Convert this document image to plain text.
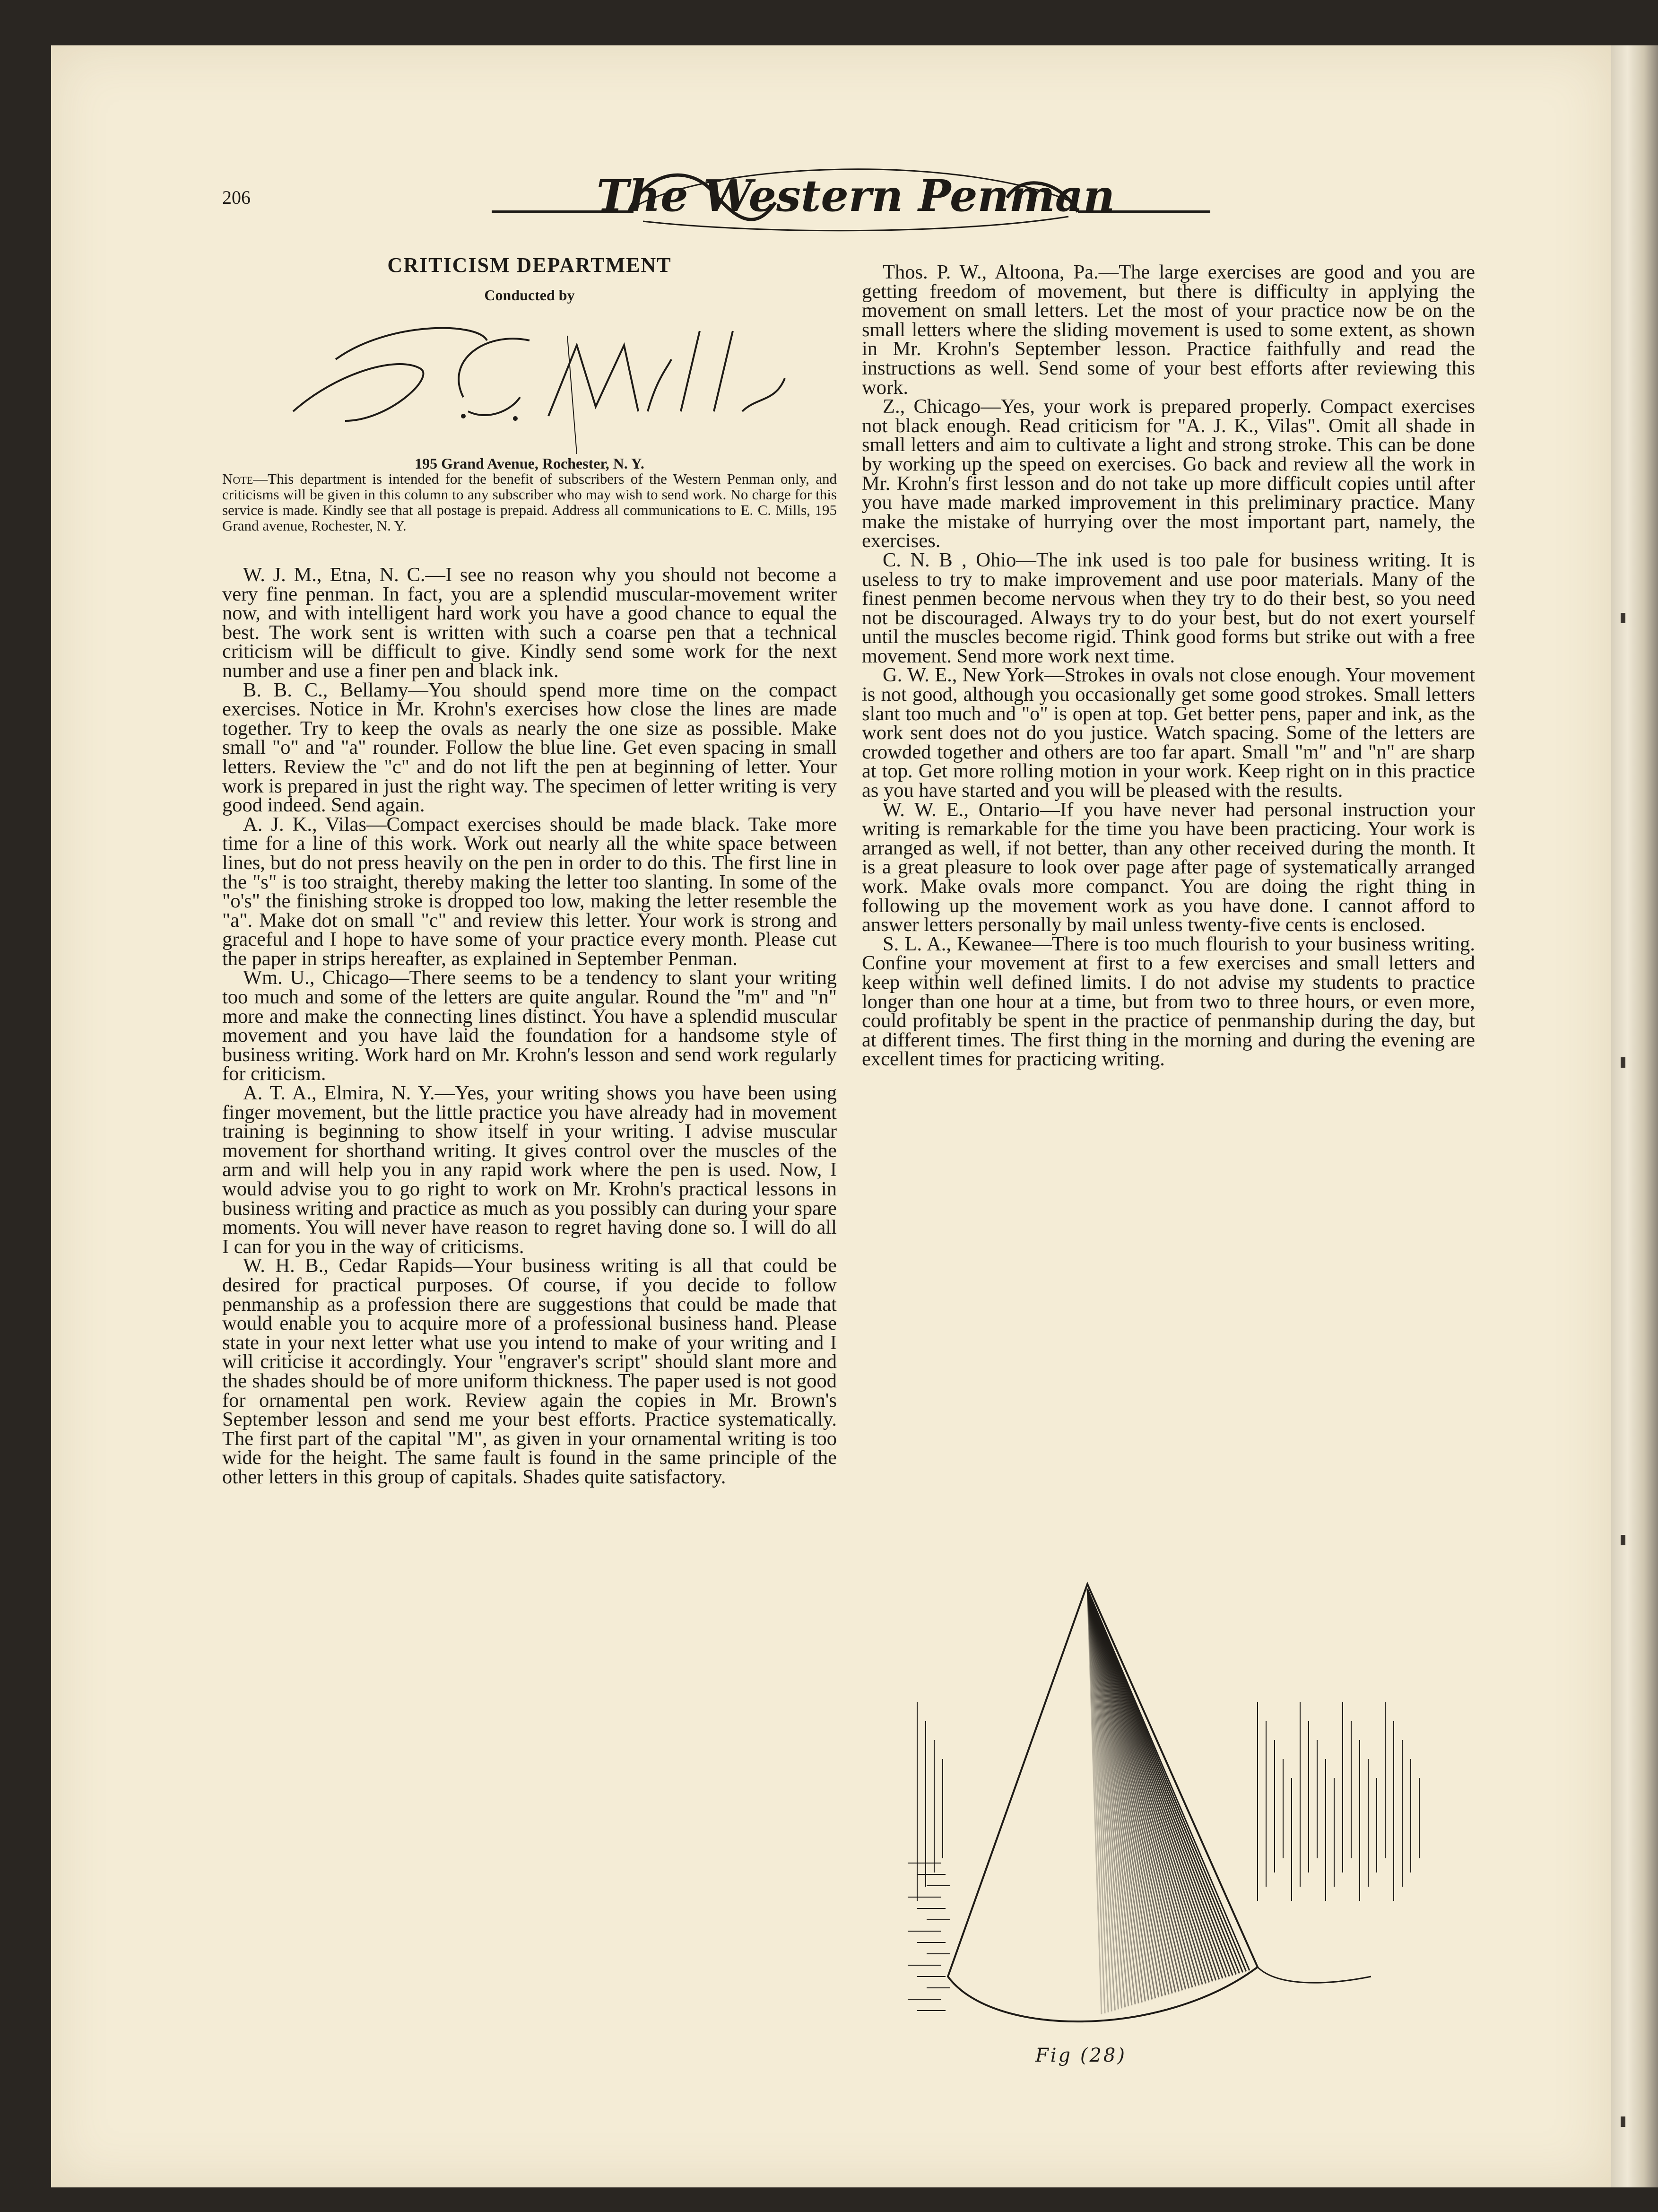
206	The Western Penman
CRITICISM DEPARTMENT
Conducted by
195 Grand Avenue, Rochester, N. Y.

Note—This department is intended for the benefit of subscribers of the Western Penman only, and criticisms will be given in this column to any subscriber who may wish to send work. No charge for this service is made. Kindly see that all postage is prepaid. Address all communications to E. C. Mills, 195 Grand avenue, Rochester, N. Y.

W. J. M., Etna, N. C.—I see no reason why you should not become a very fine penman. In fact, you are a splendid muscular-movement writer now, and with intelligent hard work you have a good chance to equal the best. The work sent is written with such a coarse pen that a technical criticism will be difficult to give. Kindly send some work for the next number and use a finer pen and black ink.

B. B. C., Bellamy—You should spend more time on the compact exercises. Notice in Mr. Krohn's exercises how close the lines are made together. Try to keep the ovals as nearly the one size as possible. Make small "o" and "a" rounder. Follow the blue line. Get even spacing in small letters. Review the "c" and do not lift the pen at beginning of letter. Your work is prepared in just the right way. The specimen of letter writing is very good indeed. Send again.

A. J. K., Vilas—Compact exercises should be made black. Take more time for a line of this work. Work out nearly all the white space between lines, but do not press heavily on the pen in order to do this. The first line in the "s" is too straight, thereby making the letter too slanting. In some of the "o's" the finishing stroke is dropped too low, making the letter resemble the "a". Make dot on small "c" and review this letter. Your work is strong and graceful and I hope to have some of your practice every month. Please cut the paper in strips hereafter, as explained in September Penman.

Wm. U., Chicago—There seems to be a tendency to slant your writing too much and some of the letters are quite angular. Round the "m" and "n" more and make the connecting lines distinct. You have a splendid muscular movement and you have laid the foundation for a handsome style of business writing. Work hard on Mr. Krohn's lesson and send work regularly for criticism.

A. T. A., Elmira, N. Y.—Yes, your writing shows you have been using finger movement, but the little practice you have already had in movement training is beginning to show itself in your writing. I advise muscular movement for shorthand writing. It gives control over the muscles of the arm and will help you in any rapid work where the pen is used. Now, I would advise you to go right to work on Mr. Krohn's practical lessons in business writing and practice as much as you possibly can during your spare moments. You will never have reason to regret having done so. I will do all I can for you in the way of criticisms.

W. H. B., Cedar Rapids—Your business writing is all that could be desired for practical purposes. Of course, if you decide to follow penmanship as a profession there are suggestions that could be made that would enable you to acquire more of a professional business hand. Please state in your next letter what use you intend to make of your writing and I will criticise it accordingly. Your "engraver's script" should slant more and the shades should be of more uniform thickness. The paper used is not good for ornamental pen work. Review again the copies in Mr. Brown's September lesson and send me your best efforts. Practice systematically. The first part of the capital "M", as given in your ornamental writing is too wide for the height. The same fault is found in the same principle of the other letters in this group of capitals. Shades quite satisfactory.

Thos. P. W., Altoona, Pa.—The large exercises are good and you are getting freedom of movement, but there is difficulty in applying the movement on small letters. Let the most of your practice now be on the small letters where the sliding movement is used to some extent, as shown in Mr. Krohn's September lesson. Practice faithfully and read the instructions as well. Send some of your best efforts after reviewing this work.

Z., Chicago—Yes, your work is prepared properly. Compact exercises not black enough. Read criticism for "A. J. K., Vilas". Omit all shade in small letters and aim to cultivate a light and strong stroke. This can be done by working up the speed on exercises. Go back and review all the work in Mr. Krohn's first lesson and do not take up more difficult copies until after you have made marked improvement in this preliminary practice. Many make the mistake of hurrying over the most important part, namely, the exercises.

C. N. B , Ohio—The ink used is too pale for business writing. It is useless to try to make improvement and use poor materials. Many of the finest penmen become nervous when they try to do their best, so you need not be discouraged. Always try to do your best, but do not exert yourself until the muscles become rigid. Think good forms but strike out with a free movement. Send more work next time.

G. W. E., New York—Strokes in ovals not close enough. Your movement is not good, although you occasionally get some good strokes. Small letters slant too much and "o" is open at top. Get better pens, paper and ink, as the work sent does not do you justice. Watch spacing. Some of the letters are crowded together and others are too far apart. Small "m" and "n" are sharp at top. Get more rolling motion in your work. Keep right on in this practice as you have started and you will be pleased with the results.

W. W. E., Ontario—If you have never had personal instruction your writing is remarkable for the time you have been practicing. Your work is arranged as well, if not better, than any other received during the month. It is a great pleasure to look over page after page of systematically arranged work. Make ovals more companct. You are doing the right thing in following up the movement work as you have done. I cannot afford to answer letters personally by mail unless twenty-five cents is enclosed.

S. L. A., Kewanee—There is too much flourish to your business writing. Confine your movement at first to a few exercises and small letters and keep within well defined limits. I do not advise my students to practice longer than one hour at a time, but from two to three hours, or even more, could profitably be spent in the practice of penmanship during the day, but at different times. The first thing in the morning and during the evening are excellent times for practicing writing.

Fig (28)
